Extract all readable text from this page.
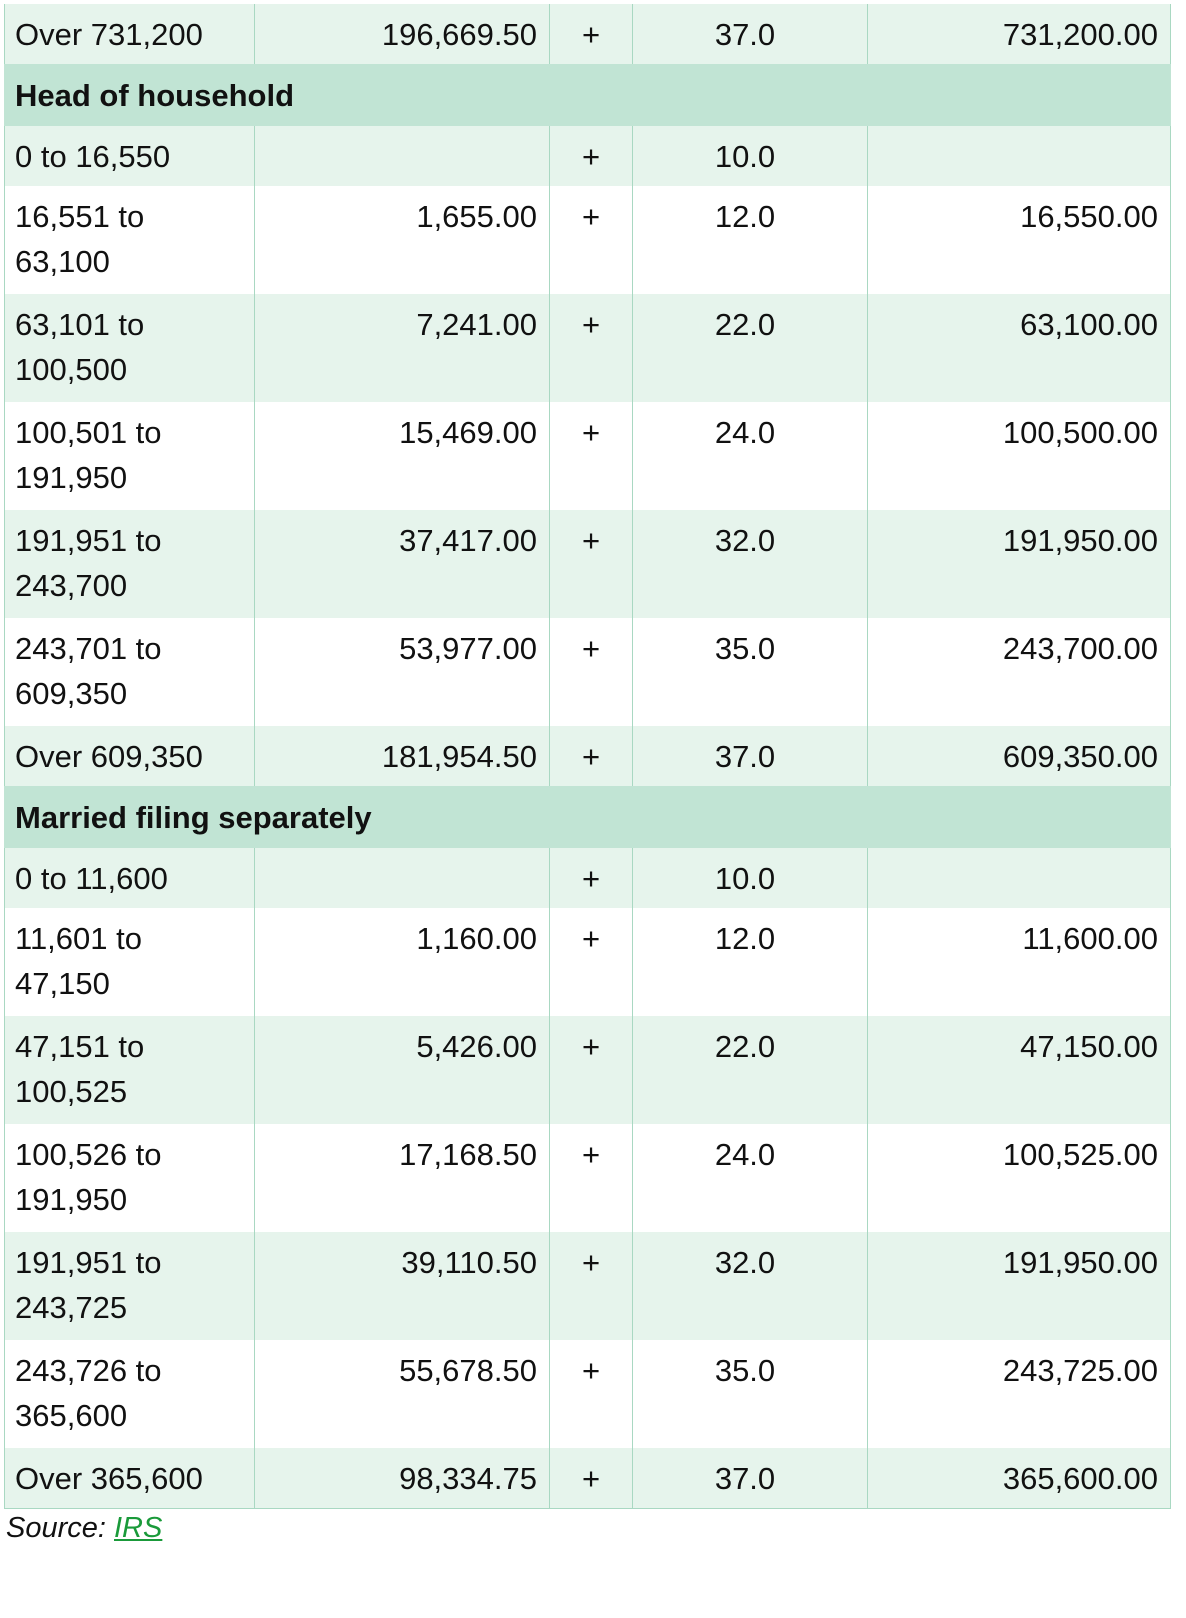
Over 731,200	196,669.50	+	37.0	731,200.00
Head of household				
0 to 16,550		+	10.0	
16,551 to 63,100	1,655.00	+	12.0	16,550.00
63,101 to 100,500	7,241.00	+	22.0	63,100.00
100,501 to 191,950	15,469.00	+	24.0	100,500.00
191,951 to 243,700	37,417.00	+	32.0	191,950.00
243,701 to 609,350	53,977.00	+	35.0	243,700.00
Over 609,350	181,954.50	+	37.0	609,350.00
Married filing separately				
0 to 11,600		+	10.0	
11,601 to 47,150	1,160.00	+	12.0	11,600.00
47,151 to 100,525	5,426.00	+	22.0	47,150.00
100,526 to 191,950	17,168.50	+	24.0	100,525.00
191,951 to 243,725	39,110.50	+	32.0	191,950.00
243,726 to 365,600	55,678.50	+	35.0	243,725.00
Over 365,600	98,334.75	+	37.0	365,600.00
Source: IRS
